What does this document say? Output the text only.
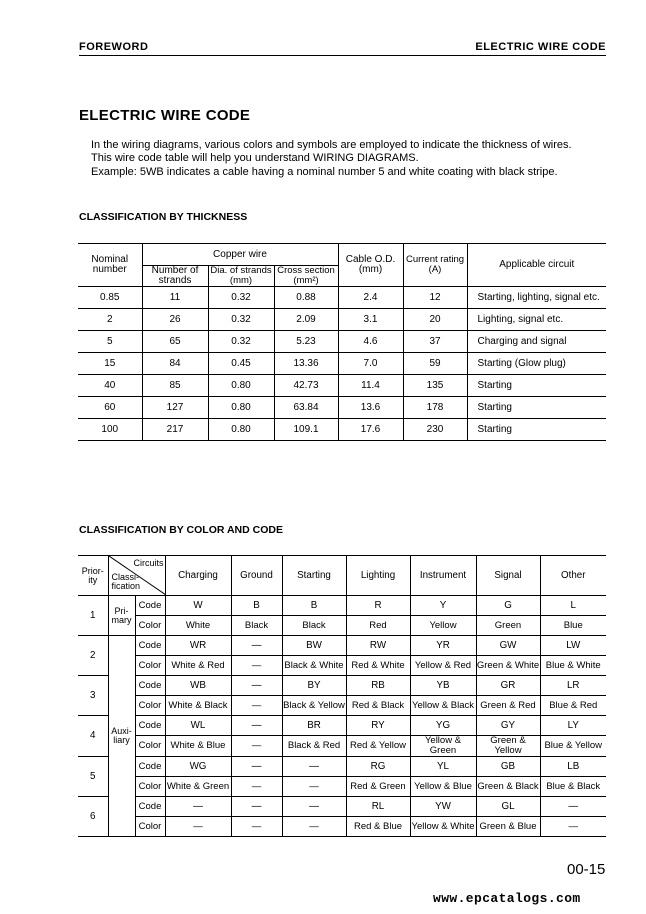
FOREWORD	ELECTRIC WIRE CODE
ELECTRIC WIRE CODE
In the wiring diagrams, various colors and symbols are employed to indicate the thickness of wires.
This wire code table will help you understand WIRING DIAGRAMS.
Example: 5WB indicates a cable having a nominal number 5 and white coating with black stripe.
CLASSIFICATION BY THICKNESS
Nominal number	Copper wire			Cable O.D. (mm)	Current rating (A)	Applicable circuit
	Number of strands	Dia. of strands (mm)	Cross section (mm²)			
0.85	11	0.32	0.88	2.4	12	Starting, lighting, signal etc.
2	26	0.32	2.09	3.1	20	Lighting, signal etc.
5	65	0.32	5.23	4.6	37	Charging and signal
15	84	0.45	13.36	7.0	59	Starting (Glow plug)
40	85	0.80	42.73	11.4	135	Starting
60	127	0.80	63.84	13.6	178	Starting
100	217	0.80	109.1	17.6	230	Starting
CLASSIFICATION BY COLOR AND CODE
Prior-ity	Circuits
Classi-fication		Charging	Ground	Starting	Lighting	Instrument	Signal	Other
1	Pri-mary	Code	W	B	B	R	Y	G	L
		Color	White	Black	Black	Red	Yellow	Green	Blue
2	Auxi-liary	Code	WR	—	BW	RW	YR	GW	LW
		Color	White & Red	—	Black & White	Red & White	Yellow & Red	Green & White	Blue & White
3		Code	WB	—	BY	RB	YB	GR	LR
		Color	White & Black	—	Black & Yellow	Red & Black	Yellow & Black	Green & Red	Blue & Red
4		Code	WL	—	BR	RY	YG	GY	LY
		Color	White & Blue	—	Black & Red	Red & Yellow	Yellow & Green	Green & Yellow	Blue & Yellow
5		Code	WG	—	—	RG	YL	GB	LB
		Color	White & Green	—	—	Red & Green	Yellow & Blue	Green & Black	Blue & Black
6		Code	—	—	—	RL	YW	GL	—
		Color	—	—	—	Red & Blue	Yellow & White	Green & Blue	—
00-15
www.epcatalogs.com
